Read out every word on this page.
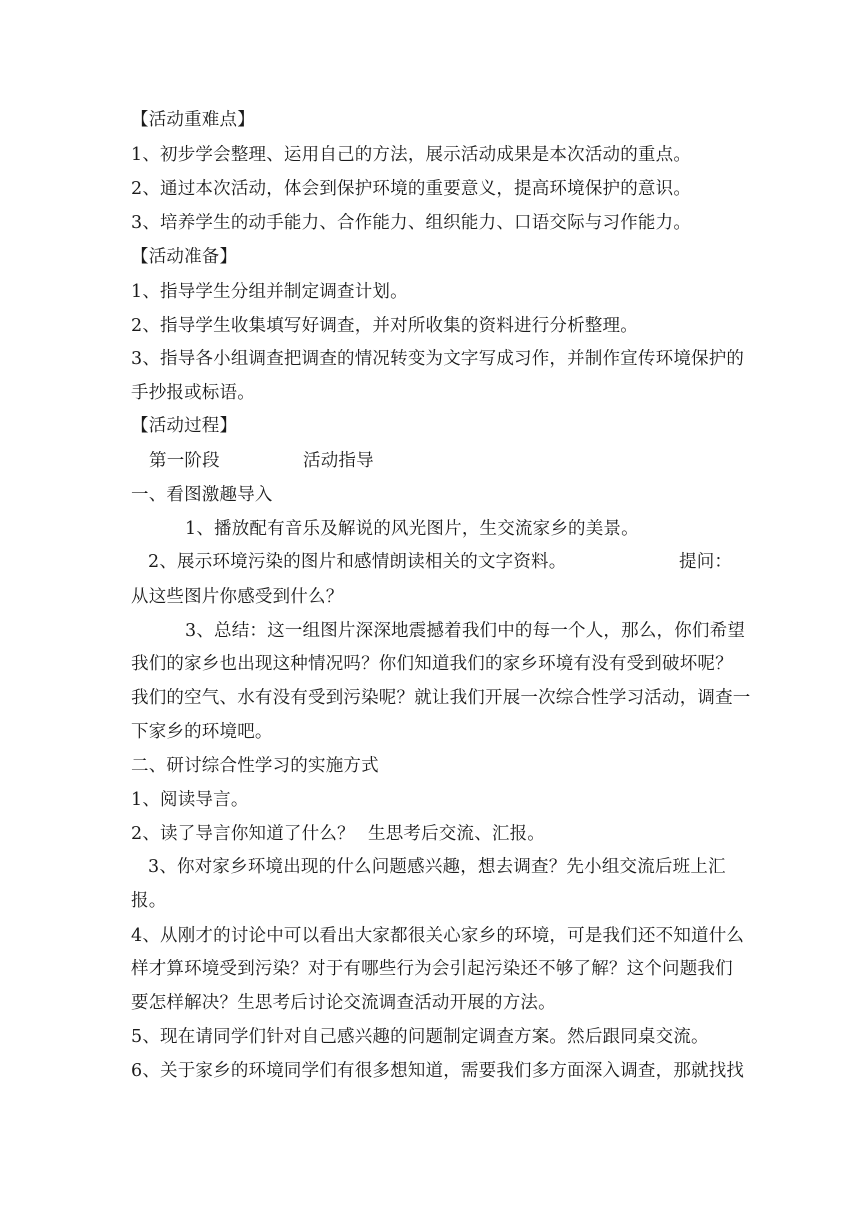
【活动重难点】
1、初步学会整理、运用自己的方法，展示活动成果是本次活动的重点。
2、通过本次活动，体会到保护环境的重要意义，提高环境保护的意识。
3、培养学生的动手能力、合作能力、组织能力、口语交际与习作能力。
【活动准备】
1、指导学生分组并制定调查计划。
2、指导学生收集填写好调查，并对所收集的资料进行分析整理。
3、指导各小组调查把调查的情况转变为文字写成习作，并制作宣传环境保护的
手抄报或标语。
【活动过程】
第一阶段	活动指导
一、看图激趣导入
1、播放配有音乐及解说的风光图片，生交流家乡的美景。
2、展示环境污染的图片和感情朗读相关的文字资料。	提问：
从这些图片你感受到什么？
3、总结：这一组图片深深地震撼着我们中的每一个人，那么，你们希望
我们的家乡也出现这种情况吗？你们知道我们的家乡环境有没有受到破坏呢？
我们的空气、水有没有受到污染呢？就让我们开展一次综合性学习活动，调查一
下家乡的环境吧。
二、研讨综合性学习的实施方式
1、阅读导言。
2、读了导言你知道了什么？ 生思考后交流、汇报。
3、你对家乡环境出现的什么问题感兴趣，想去调查？先小组交流后班上汇
报。
4、从刚才的讨论中可以看出大家都很关心家乡的环境，可是我们还不知道什么
样才算环境受到污染？对于有哪些行为会引起污染还不够了解？这个问题我们
要怎样解决？生思考后讨论交流调查活动开展的方法。
5、现在请同学们针对自己感兴趣的问题制定调查方案。然后跟同桌交流。
6、关于家乡的环境同学们有很多想知道，需要我们多方面深入调查，那就找找
